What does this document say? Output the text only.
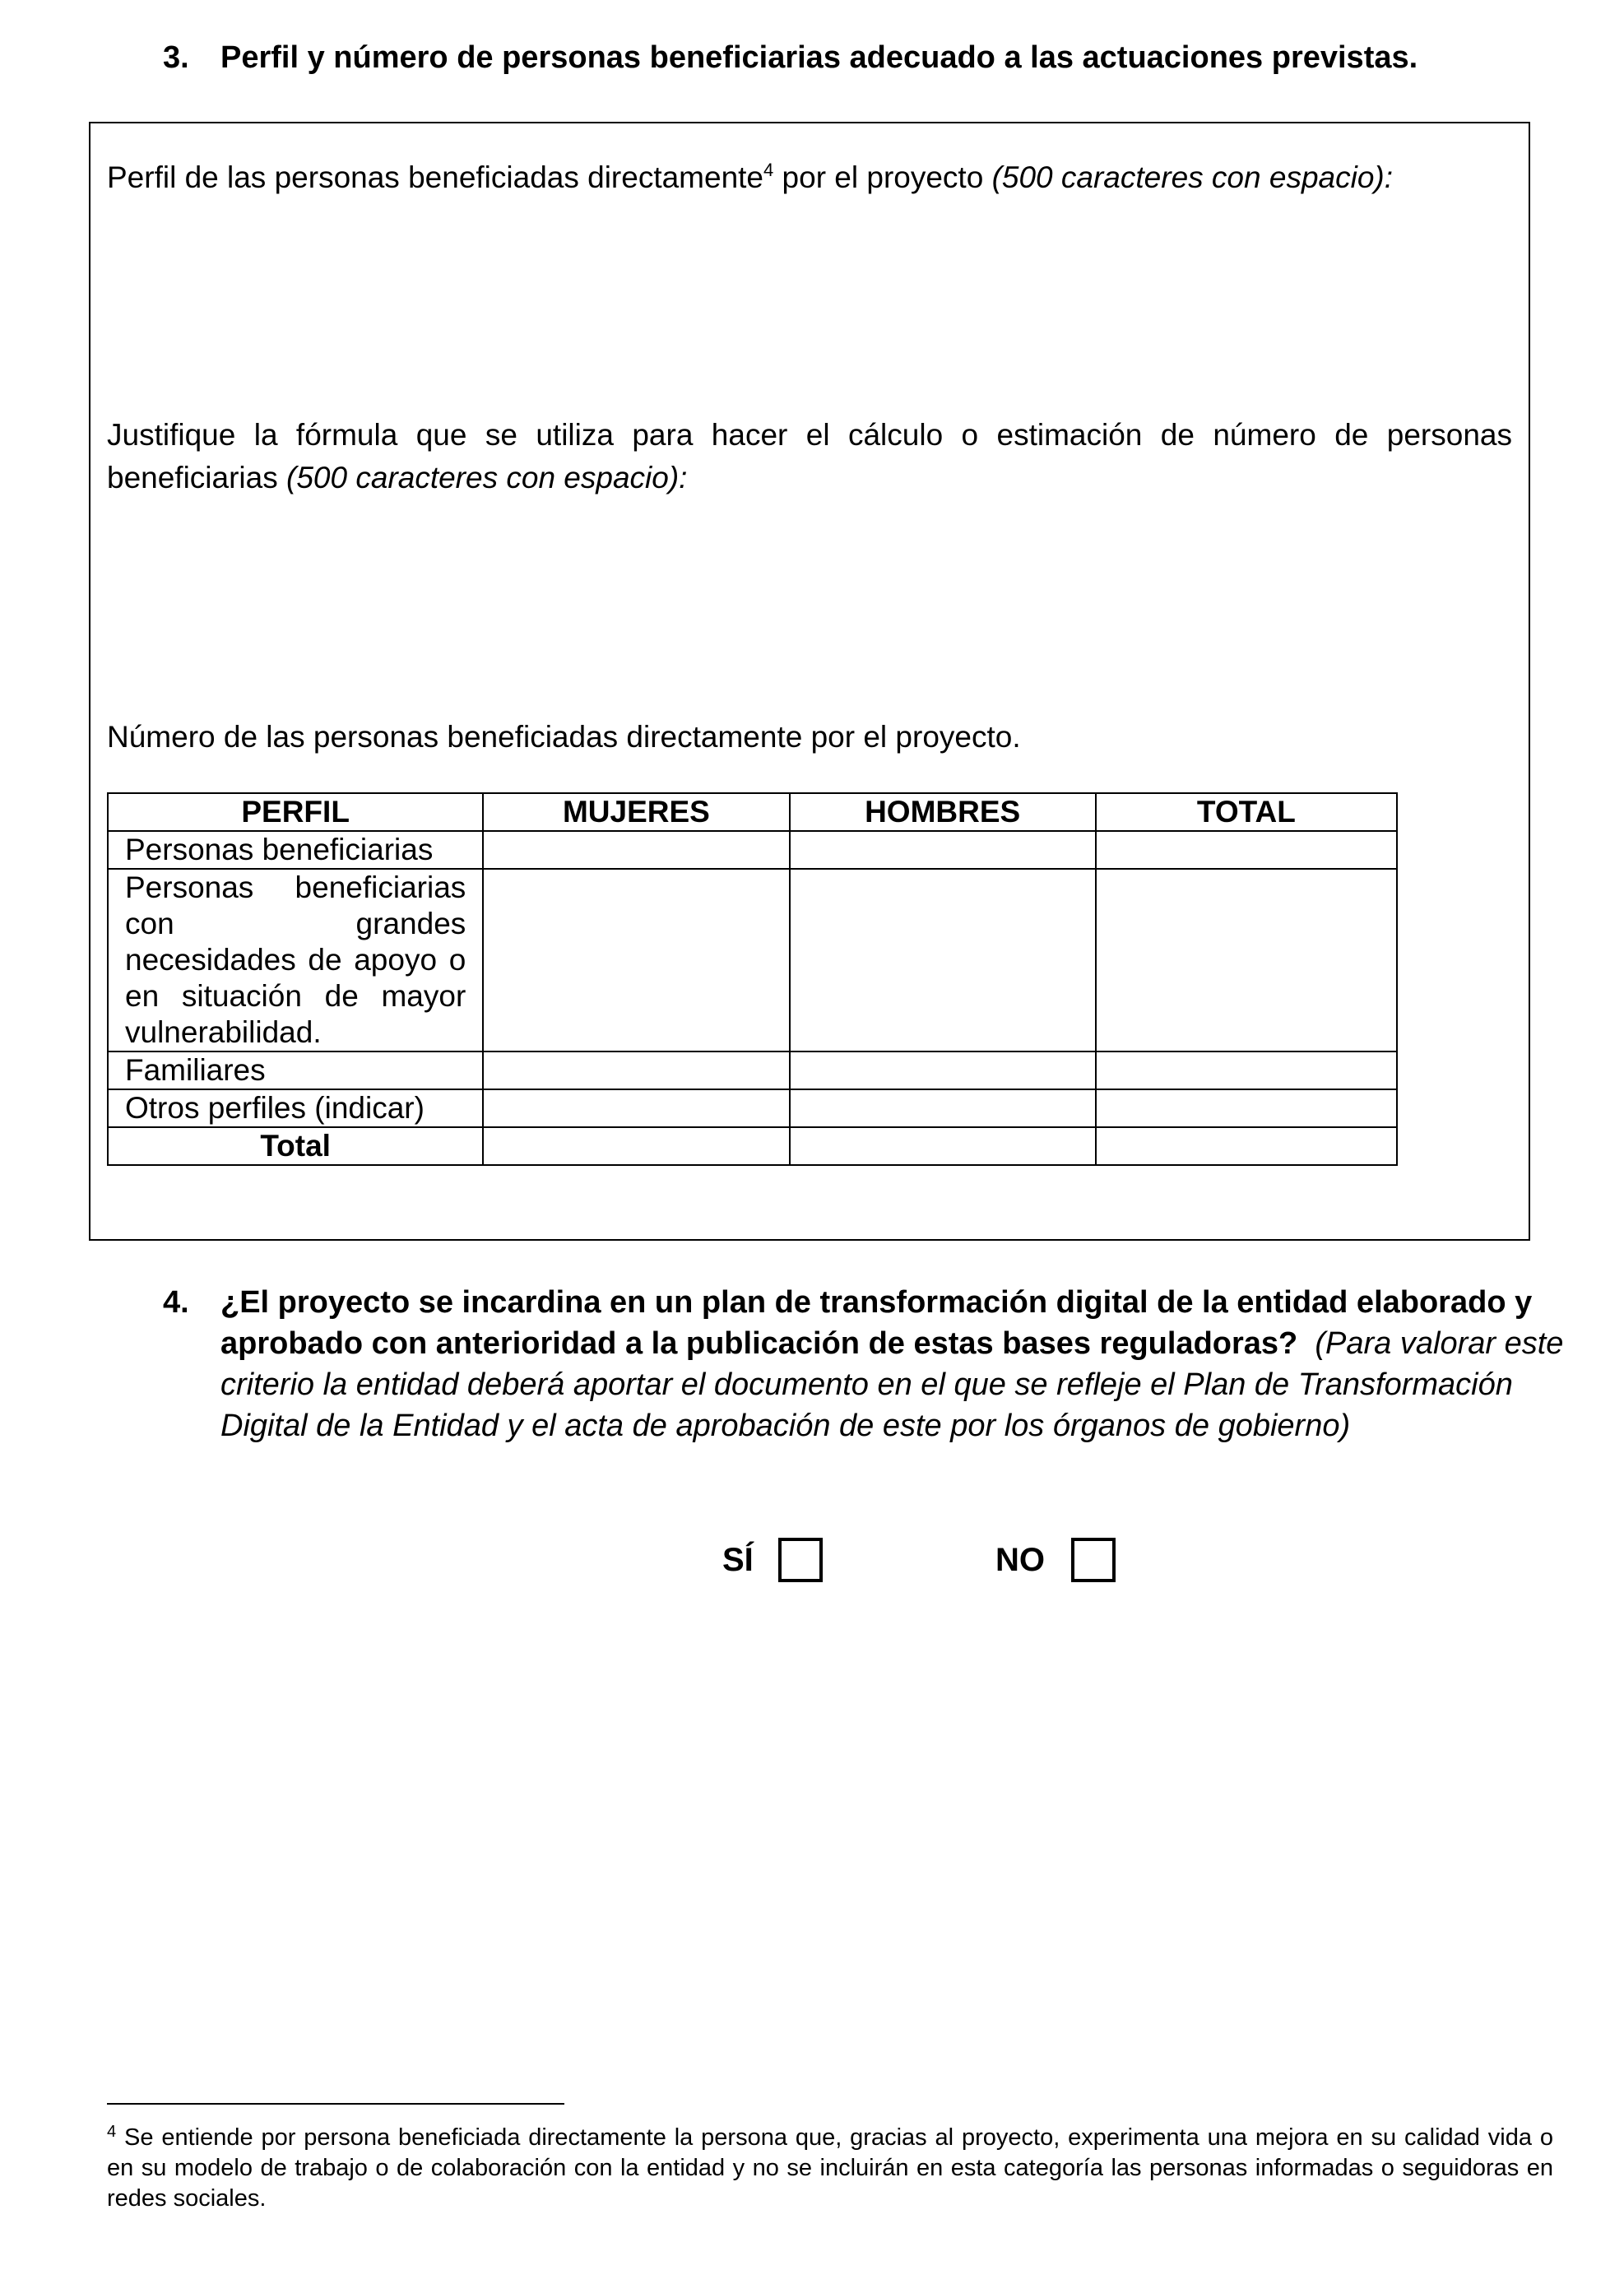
3. Perfil y número de personas beneficiarias adecuado a las actuaciones previstas.
Perfil de las personas beneficiadas directamente$^4$ por el proyecto (500 caracteres con espacio):
Justifique la fórmula que se utiliza para hacer el cálculo o estimación de número de personas
beneficiarias (500 caracteres con espacio):
Número de las personas beneficiadas directamente por el proyecto.
PERFIL	MUJERES	HOMBRES	TOTAL
Personas beneficiarias			
Personas beneficiarias con grandes necesidades de apoyo o en situación de mayor vulnerabilidad.			
Familiares			
Otros perfiles (indicar)			
Total			
4. ¿El proyecto se incardina en un plan de transformación digital de la entidad elaborado y aprobado con anterioridad a la publicación de estas bases reguladoras? (Para valorar este criterio la entidad deberá aportar el documento en el que se refleje el Plan de Transformación Digital de la Entidad y el acta de aprobación de este por los órganos de gobierno)
SÍ	NO
$^4$ Se entiende por persona beneficiada directamente la persona que, gracias al proyecto, experimenta una mejora en su calidad vida o en su modelo de trabajo o de colaboración con la entidad y no se incluirán en esta categoría las personas informadas o seguidoras en redes sociales.
